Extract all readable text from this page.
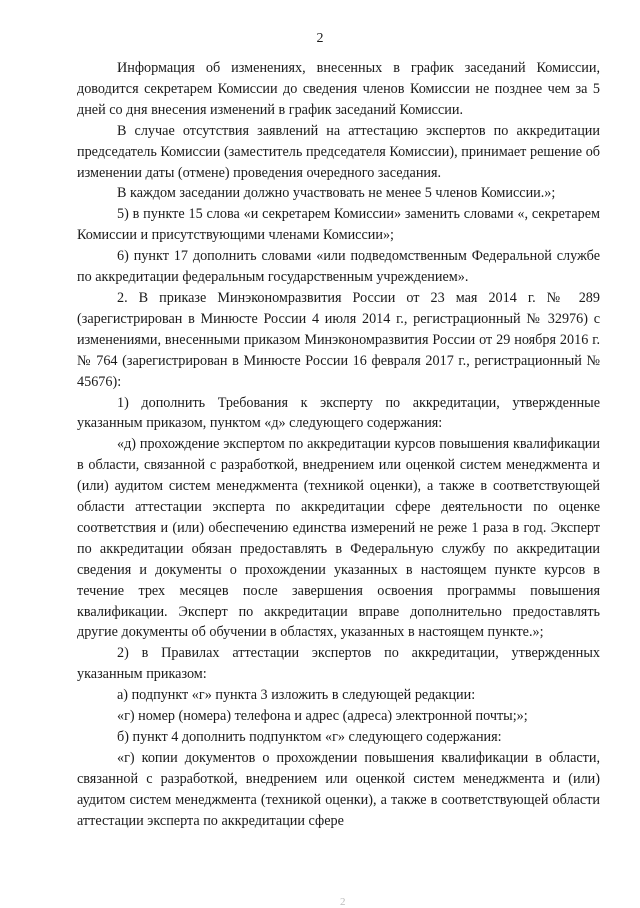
2

Информация об изменениях, внесенных в график заседаний Комиссии, доводится секретарем Комиссии до сведения членов Комиссии не позднее чем за 5 дней со дня внесения изменений в график заседаний Комиссии.

В случае отсутствия заявлений на аттестацию экспертов по аккредитации председатель Комиссии (заместитель председателя Комиссии), принимает решение об изменении даты (отмене) проведения очередного заседания.

В каждом заседании должно участвовать не менее 5 членов Комиссии.»;

5) в пункте 15 слова «и секретарем Комиссии» заменить словами «, секретарем Комиссии и присутствующими членами Комиссии»;

6) пункт 17 дополнить словами «или подведомственным Федеральной службе по аккредитации федеральным государственным учреждением».

2. В приказе Минэкономразвития России от 23 мая 2014 г. № 289 (зарегистрирован в Минюсте России 4 июля 2014 г., регистрационный № 32976) с изменениями, внесенными приказом Минэкономразвития России от 29 ноября 2016 г. № 764 (зарегистрирован в Минюсте России 16 февраля 2017 г., регистрационный № 45676):

1) дополнить Требования к эксперту по аккредитации, утвержденные указанным приказом, пунктом «д» следующего содержания:

«д) прохождение экспертом по аккредитации курсов повышения квалификации в области, связанной с разработкой, внедрением или оценкой систем менеджмента и (или) аудитом систем менеджмента (техникой оценки), а также в соответствующей области аттестации эксперта по аккредитации сфере деятельности по оценке соответствия и (или) обеспечению единства измерений не реже 1 раза в год. Эксперт по аккредитации обязан предоставлять в Федеральную службу по аккредитации сведения и документы о прохождении указанных в настоящем пункте курсов в течение трех месяцев после завершения освоения программы повышения квалификации. Эксперт по аккредитации вправе дополнительно предоставлять другие документы об обучении в областях, указанных в настоящем пункте.»;

2) в Правилах аттестации экспертов по аккредитации, утвержденных указанным приказом:

а) подпункт «г» пункта 3 изложить в следующей редакции:

«г) номер (номера) телефона и адрес (адреса) электронной почты;»;

б) пункт 4 дополнить подпунктом «г» следующего содержания:

«г) копии документов о прохождении повышения квалификации в области, связанной с разработкой, внедрением или оценкой систем менеджмента и (или) аудитом систем менеджмента (техникой оценки), а также в соответствующей области аттестации эксперта по аккредитации сфере

2
